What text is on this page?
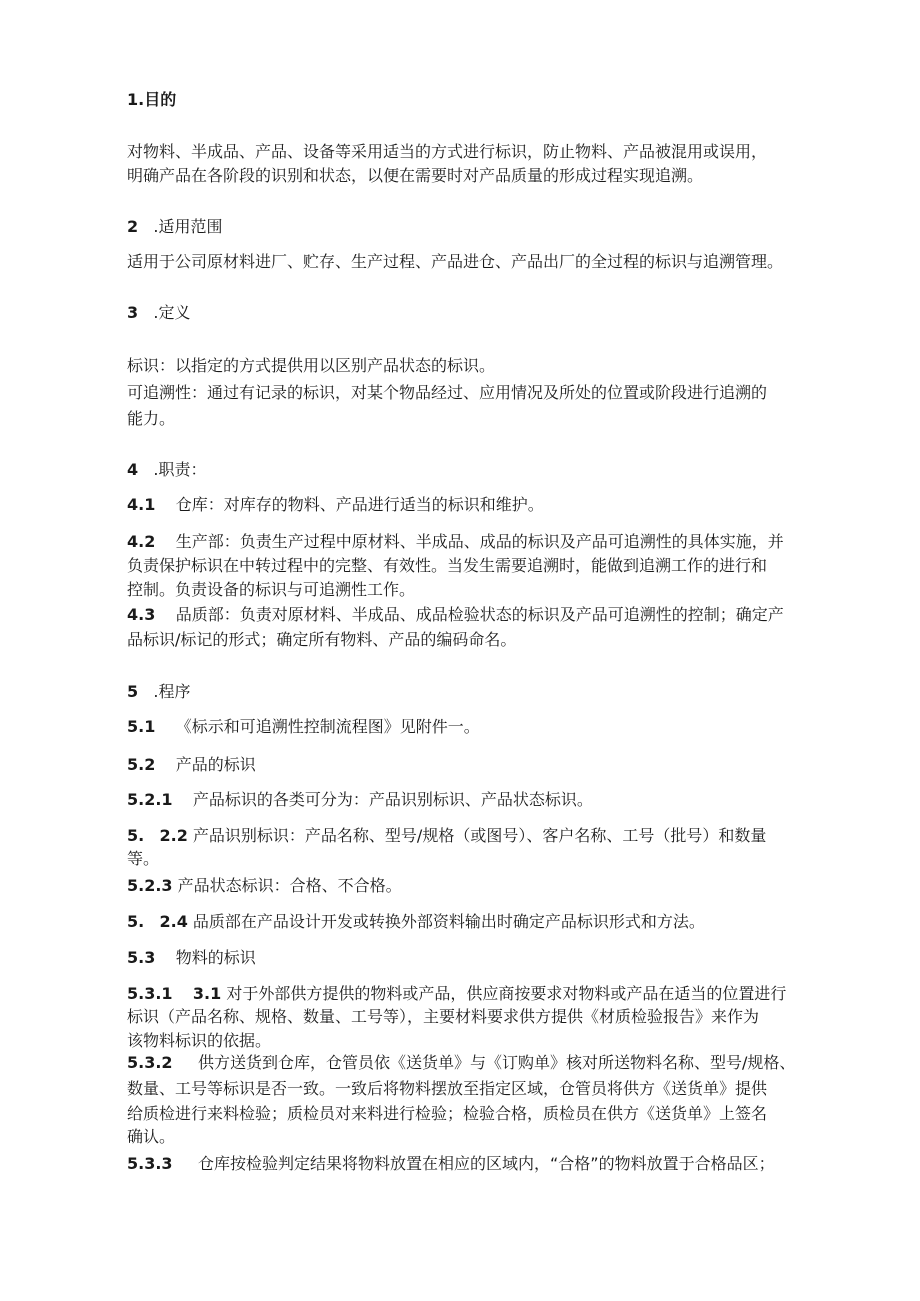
1.目的

对物料、半成品、产品、设备等采用适当的方式进行标识，防止物料、产品被混用或误用，

明确产品在各阶段的识别和状态，以便在需要时对产品质量的形成过程实现追溯。

2 .适用范围

适用于公司原材料进厂、贮存、生产过程、产品进仓、产品出厂的全过程的标识与追溯管理。

3 .定义

标识：以指定的方式提供用以区别产品状态的标识。

可追溯性：通过有记录的标识，对某个物品经过、应用情况及所处的位置或阶段进行追溯的

能力。

4 .职责：

4.1 仓库：对库存的物料、产品进行适当的标识和维护。

4.2 生产部：负责生产过程中原材料、半成品、成品的标识及产品可追溯性的具体实施，并

负责保护标识在中转过程中的完整、有效性。当发生需要追溯时，能做到追溯工作的进行和

控制。负责设备的标识与可追溯性工作。

4.3 品质部：负责对原材料、半成品、成品检验状态的标识及产品可追溯性的控制；确定产

品标识/标记的形式；确定所有物料、产品的编码命名。

5 .程序

5.1 《标示和可追溯性控制流程图》见附件一。

5.2 产品的标识

5.2.1 产品标识的各类可分为：产品识别标识、产品状态标识。

5. 2.2 产品识别标识：产品名称、型号/规格（或图号）、客户名称、工号（批号）和数量

等。

5.2.3 产品状态标识：合格、不合格。

5. 2.4 品质部在产品设计开发或转换外部资料输出时确定产品标识形式和方法。

5.3 物料的标识

5.3.1 3.1 对于外部供方提供的物料或产品，供应商按要求对物料或产品在适当的位置进行

标识（产品名称、规格、数量、工号等），主要材料要求供方提供《材质检验报告》来作为

该物料标识的依据。

5.3.2 供方送货到仓库，仓管员依《送货单》与《订购单》核对所送物料名称、型号/规格、

数量、工号等标识是否一致。一致后将物料摆放至指定区域，仓管员将供方《送货单》提供

给质检进行来料检验；质检员对来料进行检验；检验合格，质检员在供方《送货单》上签名

确认。

5.3.3 仓库按检验判定结果将物料放置在相应的区域内，“合格”的物料放置于合格品区；
